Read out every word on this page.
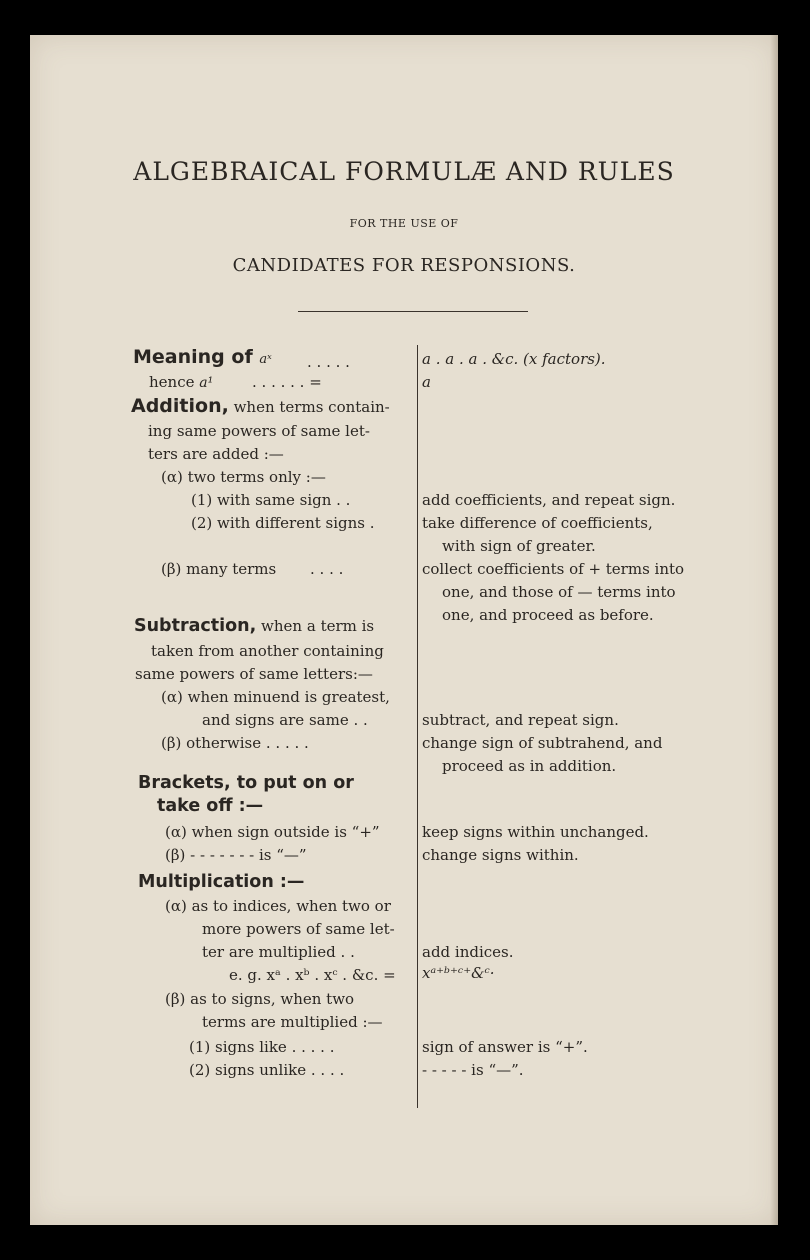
ALGEBRAICAL FORMULÆ AND RULES
FOR THE USE OF
CANDIDATES FOR RESPONSIONS.
Meaning of aˣ . . . . .
hence a¹	. . . . . . =
Addition, when terms contain-
ing same powers of same let-
ters are added :—
(α) two terms only :—
(1) with same sign . .
(2) with different signs .
(β) many terms . . . .
Subtraction, when a term is
taken from another containing
same powers of same letters:—
(α) when minuend is greatest,
and signs are same . .
(β) otherwise . . . . .
Brackets, to put on or
take off :—
(α) when sign outside is “+”
(β) - - - - - - - is “—”
Multiplication :—
(α) as to indices, when two or
more powers of same let-
ter are multiplied . .
e. g. xᵃ . xᵇ . xᶜ . &c. =
(β) as to signs, when two
terms are multiplied :—
(1) signs like . . . . .
(2) signs unlike . . . .
a . a . a . &c. (x factors).
a
add coefficients, and repeat sign.
take difference of coefficients,
with sign of greater.
collect coefficients of + terms into
one, and those of — terms into
one, and proceed as before.
subtract, and repeat sign.
change sign of subtrahend, and
proceed as in addition.
keep signs within unchanged.
change signs within.
add indices.
xᵃ⁺ᵇ⁺ᶜ⁺&ᶜ·
sign of answer is “+”.
- - - - - is “—”.
